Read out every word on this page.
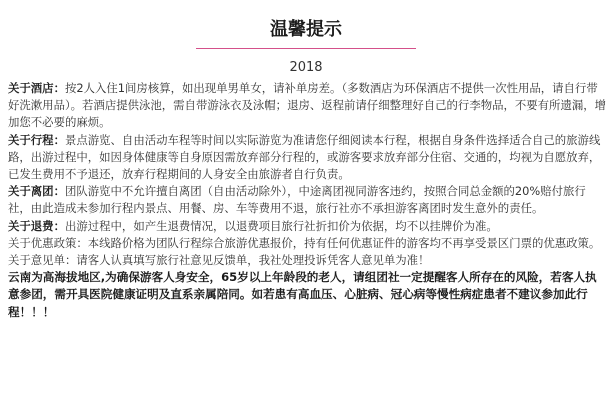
温馨提示
2018

关于酒店：按2人入住1间房核算，如出现单男单女，请补单房差。（多数酒店为环保酒店不提供一次性用品，请自行带好洗漱用品）。若酒店提供泳池，需自带游泳衣及泳帽；退房、返程前请仔细整理好自己的行李物品，不要有所遗漏，增加您不必要的麻烦。

关于行程：景点游览、自由活动车程等时间以实际游览为准请您仔细阅读本行程，根据自身条件选择适合自己的旅游线路，出游过程中，如因身体健康等自身原因需放弃部分行程的，或游客要求放弃部分住宿、交通的，均视为自愿放弃，已发生费用不予退还，放弃行程期间的人身安全由旅游者自行负责。

关于离团：团队游览中不允许擅自离团（自由活动除外），中途离团视同游客违约，按照合同总金额的20%赔付旅行社，由此造成未参加行程内景点、用餐、房、车等费用不退，旅行社亦不承担游客离团时发生意外的责任。

关于退费：出游过程中，如产生退费情况，以退费项目旅行社折扣价为依据，均不以挂牌价为准。

关于优惠政策：本线路价格为团队行程综合旅游优惠报价，持有任何优惠证件的游客均不再享受景区门票的优惠政策。

关于意见单：请客人认真填写旅行社意见反馈单，我社处理投诉凭客人意见单为准！

云南为高海拔地区,为确保游客人身安全，65岁以上年龄段的老人，请组团社一定提醒客人所存在的风险，若客人执意参团，需开具医院健康证明及直系亲属陪同。如若患有高血压、心脏病、冠心病等慢性病症患者不建议参加此行程！！！
